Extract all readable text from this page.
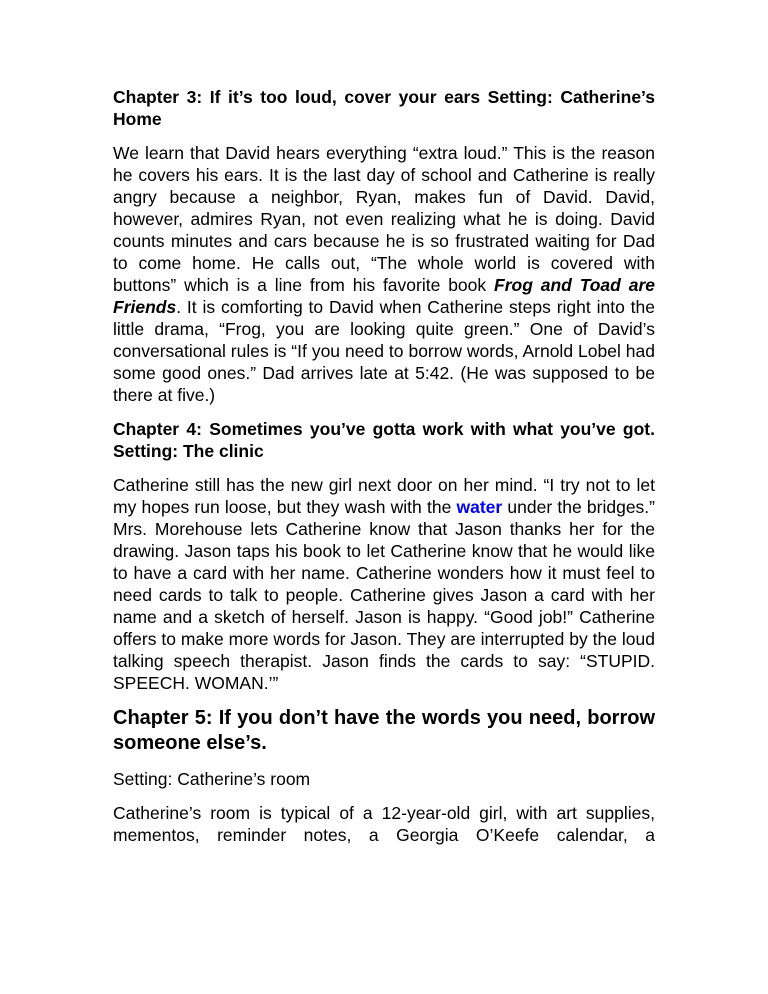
Chapter 3: If it’s too loud, cover your ears Setting: Catherine’s Home

We learn that David hears everything “extra loud.” This is the reason he covers his ears. It is the last day of school and Catherine is really angry because a neighbor, Ryan, makes fun of David. David, however, admires Ryan, not even realizing what he is doing. David counts minutes and cars because he is so frustrated waiting for Dad to come home. He calls out, “The whole world is covered with buttons” which is a line from his favorite book Frog and Toad are Friends. It is comforting to David when Catherine steps right into the little drama, “Frog, you are looking quite green.” One of David’s conversational rules is “If you need to borrow words, Arnold Lobel had some good ones.” Dad arrives late at 5:42. (He was supposed to be there at five.)

Chapter 4: Sometimes you’ve gotta work with what you’ve got. Setting: The clinic

Catherine still has the new girl next door on her mind. “I try not to let my hopes run loose, but they wash with the water under the bridges.” Mrs. Morehouse lets Catherine know that Jason thanks her for the drawing. Jason taps his book to let Catherine know that he would like to have a card with her name. Catherine wonders how it must feel to need cards to talk to people. Catherine gives Jason a card with her name and a sketch of herself. Jason is happy. “Good job!” Catherine offers to make more words for Jason. They are interrupted by the loud talking speech therapist. Jason finds the cards to say: “STUPID. SPEECH. WOMAN.’”

Chapter 5: If you don’t have the words you need, borrow someone else’s.

Setting: Catherine’s room

Catherine’s room is typical of a 12-year-old girl, with art supplies, mementos, reminder notes, a Georgia O’Keefe calendar, a
